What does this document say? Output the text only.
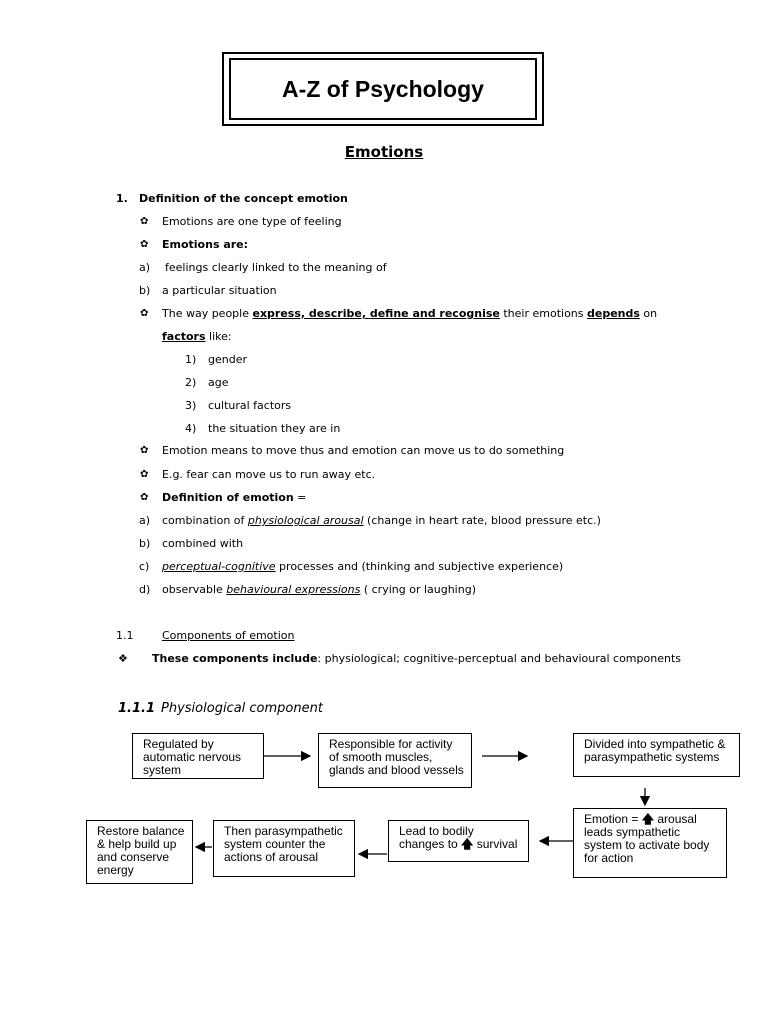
A-Z of Psychology
Emotions
1. Definition of the concept emotion
✿ Emotions are one type of feeling
✿ Emotions are:
a) feelings clearly linked to the meaning of
b) a particular situation
✿ The way people express, describe, define and recognise their emotions depends on
factors like:
1) gender
2) age
3) cultural factors
4) the situation they are in
✿ Emotion means to move thus and emotion can move us to do something
✿ E.g. fear can move us to run away etc.
✿ Definition of emotion =
a) combination of physiological arousal (change in heart rate, blood pressure etc.)
b) combined with
c) perceptual-cognitive processes and (thinking and subjective experience)
d) observable behavioural expressions ( crying or laughing)
1.1	Components of emotion
❖ These components include: physiological; cognitive-perceptual and behavioural components
1.1.1 Physiological component
Regulated by automatic nervous system
Responsible for activity of smooth muscles, glands and blood vessels
Divided into sympathetic & parasympathetic systems
Emotion = 🡅 arousal leads sympathetic system to activate body for action
Lead to bodily changes to 🡅 survival
Then parasympathetic system counter the actions of arousal
Restore balance & help build up and conserve energy
